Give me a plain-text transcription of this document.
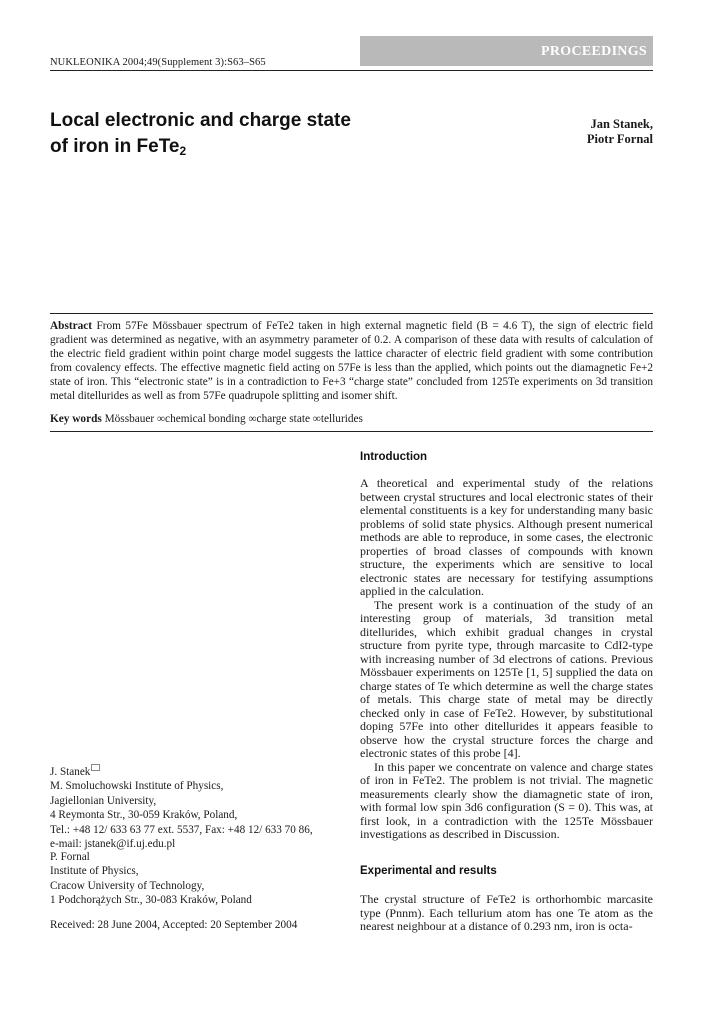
NUKLEONIKA 2004;49(Supplement 3):S63–S65
PROCEEDINGS
Local electronic and charge state
of iron in FeTe$_2$
Jan Stanek,
Piotr Fornal
Abstract From 57Fe Mössbauer spectrum of FeTe2 taken in high external magnetic field (B = 4.6 T), the sign of electric field gradient was determined as negative, with an asymmetry parameter of 0.2. A comparison of these data with results of calculation of the electric field gradient within point charge model suggests the lattice character of electric field gradient with some contribution from covalency effects. The effective magnetic field acting on 57Fe is less than the applied, which points out the diamagnetic Fe+2 state of iron. This “electronic state” is in a contradiction to Fe+3 “charge state” concluded from 125Te experiments on 3d transition metal ditellurides as well as from 57Fe quadrupole splitting and isomer shift.
Key words Mössbauer ∞chemical bonding ∞charge state ∞tellurides
Introduction

A theoretical and experimental study of the relations between crystal structures and local electronic states of their elemental constituents is a key for understanding many basic problems of solid state physics. Although present numerical methods are able to reproduce, in some cases, the electronic properties of broad classes of compounds with known structure, the experiments which are sensitive to local electronic states are necessary for testifying assumptions applied in the calculation.

The present work is a continuation of the study of an interesting group of materials, 3d transition metal ditellurides, which exhibit gradual changes in crystal structure from pyrite type, through marcasite to CdI2-type with increasing number of 3d electrons of cations. Previous Mössbauer experiments on 125Te [1, 5] supplied the data on charge states of Te which determine as well the charge states of metals. This charge state of metal may be directly checked only in case of FeTe2. However, by substitutional doping 57Fe into other ditellurides it appears feasible to observe how the crystal structure forces the charge and electronic states of this probe [4].

In this paper we concentrate on valence and charge states of iron in FeTe2. The problem is not trivial. The magnetic measurements clearly show the diamagnetic state of iron, with formal low spin 3d6 configuration (S = 0). This was, at first look, in a contradiction with the 125Te Mössbauer investigations as described in Discussion.

Experimental and results

The crystal structure of FeTe2 is orthorhombic marcasite type (Pnnm). Each tellurium atom has one Te atom as the nearest neighbour at a distance of 0.293 nm, iron is octa-

J. Stanek
M. Smoluchowski Institute of Physics,
Jagiellonian University,
4 Reymonta Str., 30-059 Kraków, Poland,
Tel.: +48 12/ 633 63 77 ext. 5537, Fax: +48 12/ 633 70 86,
e-mail: jstanek@if.uj.edu.pl
P. Fornal
Institute of Physics,
Cracow University of Technology,
1 Podchorążych Str., 30-083 Kraków, Poland
Received: 28 June 2004, Accepted: 20 September 2004
